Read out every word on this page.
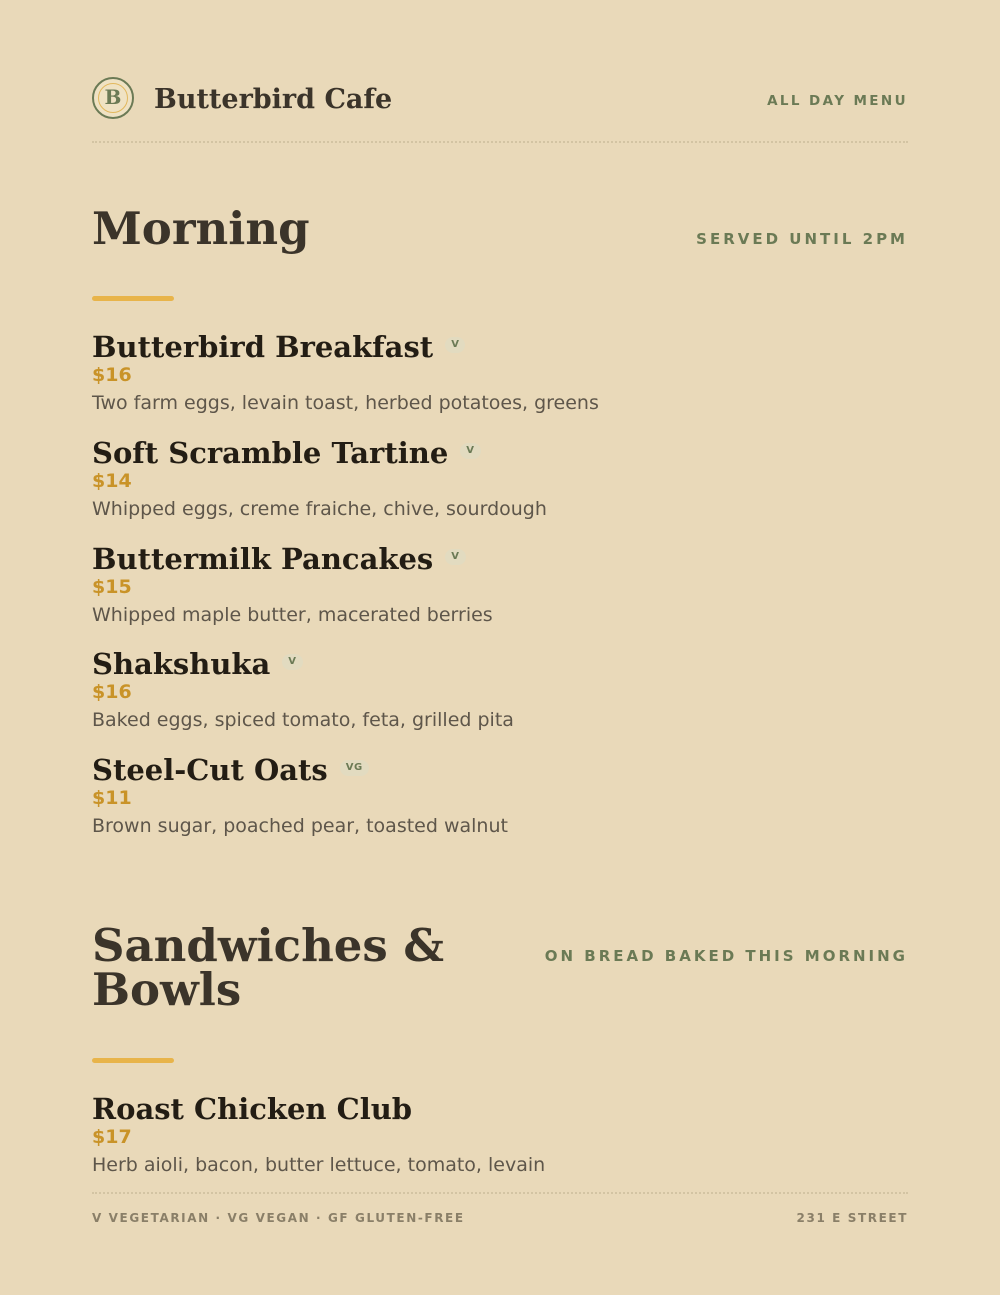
B Butterbird Cafe	ALL DAY MENU
Morning	SERVED UNTIL 2PM
Butterbird Breakfast V
$16
Two farm eggs, levain toast, herbed potatoes, greens
Soft Scramble Tartine V
$14
Whipped eggs, creme fraiche, chive, sourdough
Buttermilk Pancakes V
$15
Whipped maple butter, macerated berries
Shakshuka V
$16
Baked eggs, spiced tomato, feta, grilled pita
Steel-Cut Oats VG
$11
Brown sugar, poached pear, toasted walnut
Sandwiches & Bowls
ON BREAD BAKED THIS MORNING
Roast Chicken Club
$17
Herb aioli, bacon, butter lettuce, tomato, levain
V VEGETARIAN · VG VEGAN · GF GLUTEN-FREE	231 E STREET
